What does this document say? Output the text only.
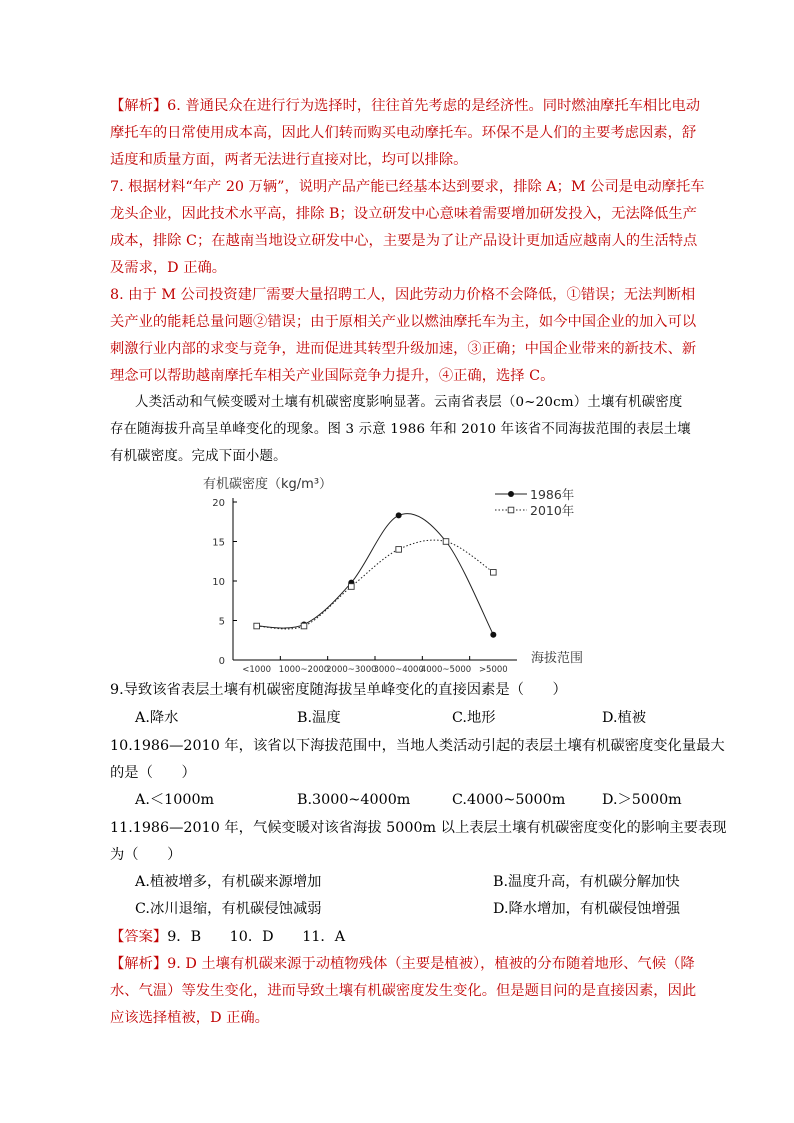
【解析】6. 普通民众在进行行为选择时，往往首先考虑的是经济性。同时燃油摩托车相比电动
摩托车的日常使用成本高，因此人们转而购买电动摩托车。环保不是人们的主要考虑因素，舒
适度和质量方面，两者无法进行直接对比，均可以排除。
7. 根据材料“年产 20 万辆”，说明产品产能已经基本达到要求，排除 A；M 公司是电动摩托车
龙头企业，因此技术水平高，排除 B；设立研发中心意味着需要增加研发投入，无法降低生产
成本，排除 C；在越南当地设立研发中心，主要是为了让产品设计更加适应越南人的生活特点
及需求，D 正确。
8. 由于 M 公司投资建厂需要大量招聘工人，因此劳动力价格不会降低，①错误；无法判断相
关产业的能耗总量问题②错误；由于原相关产业以燃油摩托车为主，如今中国企业的加入可以
刺激行业内部的求变与竞争，进而促进其转型升级加速，③正确；中国企业带来的新技术、新
理念可以帮助越南摩托车相关产业国际竞争力提升，④正确，选择 C。
人类活动和气候变暖对土壤有机碳密度影响显著。云南省表层（0~20cm）土壤有机碳密度
存在随海拔升高呈单峰变化的现象。图 3 示意 1986 年和 2010 年该省不同海拔范围的表层土壤
有机碳密度。完成下面小题。
0
5
10
15
20
<1000 1000~2000
2000~3000
3000~4000
4000~5000 >5000
有机碳密度（kg/m³）
海拔范围
1986年
2010年
9.导致该省表层土壤有机碳密度随海拔呈单峰变化的直接因素是（　　）
A.降水	B.温度	C.地形	D.植被
10.1986—2010 年，该省以下海拔范围中，当地人类活动引起的表层土壤有机碳密度变化量最大
的是（　　）
A.＜1000m	B.3000~4000m	C.4000~5000m	D.＞5000m
11.1986—2010 年，气候变暖对该省海拔 5000m 以上表层土壤有机碳密度变化的影响主要表现
为（　　）
A.植被增多，有机碳来源增加	B.温度升高，有机碳分解加快
C.冰川退缩，有机碳侵蚀减弱	D.降水增加，有机碳侵蚀增强
【答案】9．B　　10．D　　11．A
【解析】9. D 土壤有机碳来源于动植物残体（主要是植被），植被的分布随着地形、气候（降
水、气温）等发生变化，进而导致土壤有机碳密度发生变化。但是题目问的是直接因素，因此
应该选择植被，D 正确。
